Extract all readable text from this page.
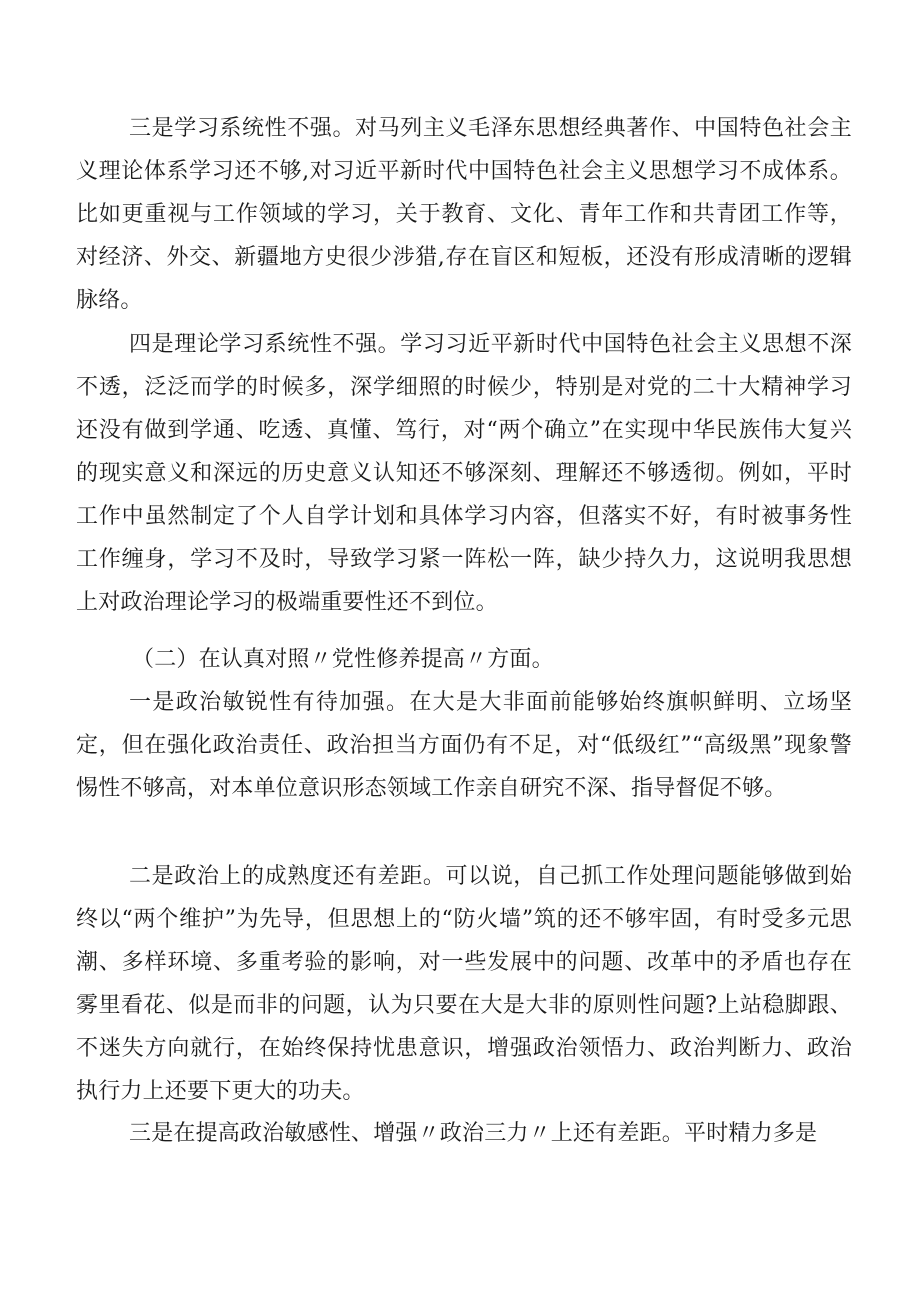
三是学习系统性不强。对马列主义毛泽东思想经典著作、中国特色社会主义理论体系学习还不够,对习近平新时代中国特色社会主义思想学习不成体系。比如更重视与工作领域的学习，关于教育、文化、青年工作和共青团工作等，对经济、外交、新疆地方史很少涉猎,存在盲区和短板，还没有形成清晰的逻辑脉络。

四是理论学习系统性不强。学习习近平新时代中国特色社会主义思想不深不透，泛泛而学的时候多，深学细照的时候少，特别是对党的二十大精神学习还没有做到学通、吃透、真懂、笃行，对“两个确立”在实现中华民族伟大复兴的现实意义和深远的历史意义认知还不够深刻、理解还不够透彻。例如，平时工作中虽然制定了个人自学计划和具体学习内容，但落实不好，有时被事务性工作缠身，学习不及时，导致学习紧一阵松一阵，缺少持久力，这说明我思想上对政治理论学习的极端重要性还不到位。

（二）在认真对照〃党性修养提高〃方面。

一是政治敏锐性有待加强。在大是大非面前能够始终旗帜鲜明、立场坚定，但在强化政治责任、政治担当方面仍有不足，对“低级红”“高级黑”现象警惕性不够高，对本单位意识形态领域工作亲自研究不深、指导督促不够。

二是政治上的成熟度还有差距。可以说，自己抓工作处理问题能够做到始终以“两个维护”为先导，但思想上的“防火墙”筑的还不够牢固，有时受多元思潮、多样环境、多重考验的影响，对一些发展中的问题、改革中的矛盾也存在雾里看花、似是而非的问题，认为只要在大是大非的原则性问题?上站稳脚跟、不迷失方向就行，在始终保持忧患意识，增强政治领悟力、政治判断力、政治执行力上还要下更大的功夫。

三是在提高政治敏感性、增强〃政治三力〃上还有差距。平时精力多是
